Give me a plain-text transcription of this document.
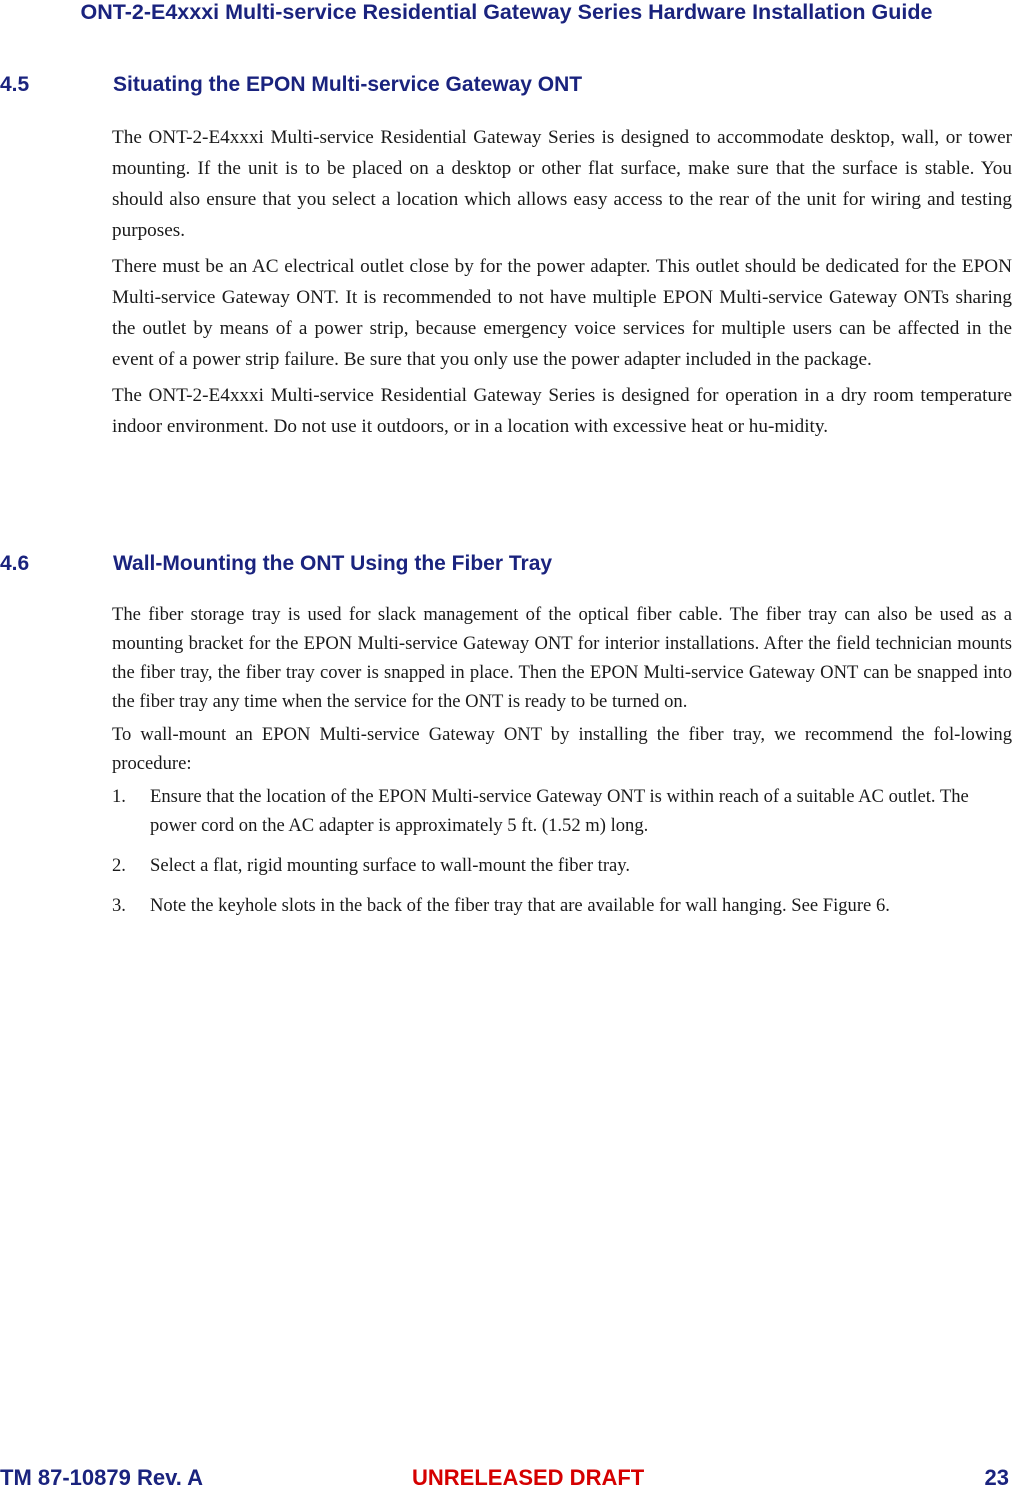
ONT-2-E4xxxi Multi-service Residential Gateway Series Hardware Installation Guide
4.5	Situating the EPON Multi-service Gateway ONT

The ONT-2-E4xxxi Multi-service Residential Gateway Series is designed to accommodate desktop, wall, or tower mounting. If the unit is to be placed on a desktop or other flat surface, make sure that the surface is stable. You should also ensure that you select a location which allows easy access to the rear of the unit for wiring and testing purposes.

There must be an AC electrical outlet close by for the power adapter. This outlet should be dedicated for the EPON Multi-service Gateway ONT. It is recommended to not have multiple EPON Multi-service Gateway ONTs sharing the outlet by means of a power strip, because emergency voice services for multiple users can be affected in the event of a power strip failure. Be sure that you only use the power adapter included in the package.

The ONT-2-E4xxxi Multi-service Residential Gateway Series is designed for operation in a dry room temperature indoor environment. Do not use it outdoors, or in a location with excessive heat or hu-midity.

4.6	Wall-Mounting the ONT Using the Fiber Tray

The fiber storage tray is used for slack management of the optical fiber cable. The fiber tray can also be used as a mounting bracket for the EPON Multi-service Gateway ONT for interior installations. After the field technician mounts the fiber tray, the fiber tray cover is snapped in place. Then the EPON Multi-service Gateway ONT can be snapped into the fiber tray any time when the service for the ONT is ready to be turned on.

To wall-mount an EPON Multi-service Gateway ONT by installing the fiber tray, we recommend the fol-lowing procedure:

1. Ensure that the location of the EPON Multi-service Gateway ONT is within reach of a suitable AC outlet. The power cord on the AC adapter is approximately 5 ft. (1.52 m) long.
2. Select a flat, rigid mounting surface to wall-mount the fiber tray.
3. Note the keyhole slots in the back of the fiber tray that are available for wall hanging. See Figure 6.
TM 87-10879 Rev. A	UNRELEASED DRAFT	23
